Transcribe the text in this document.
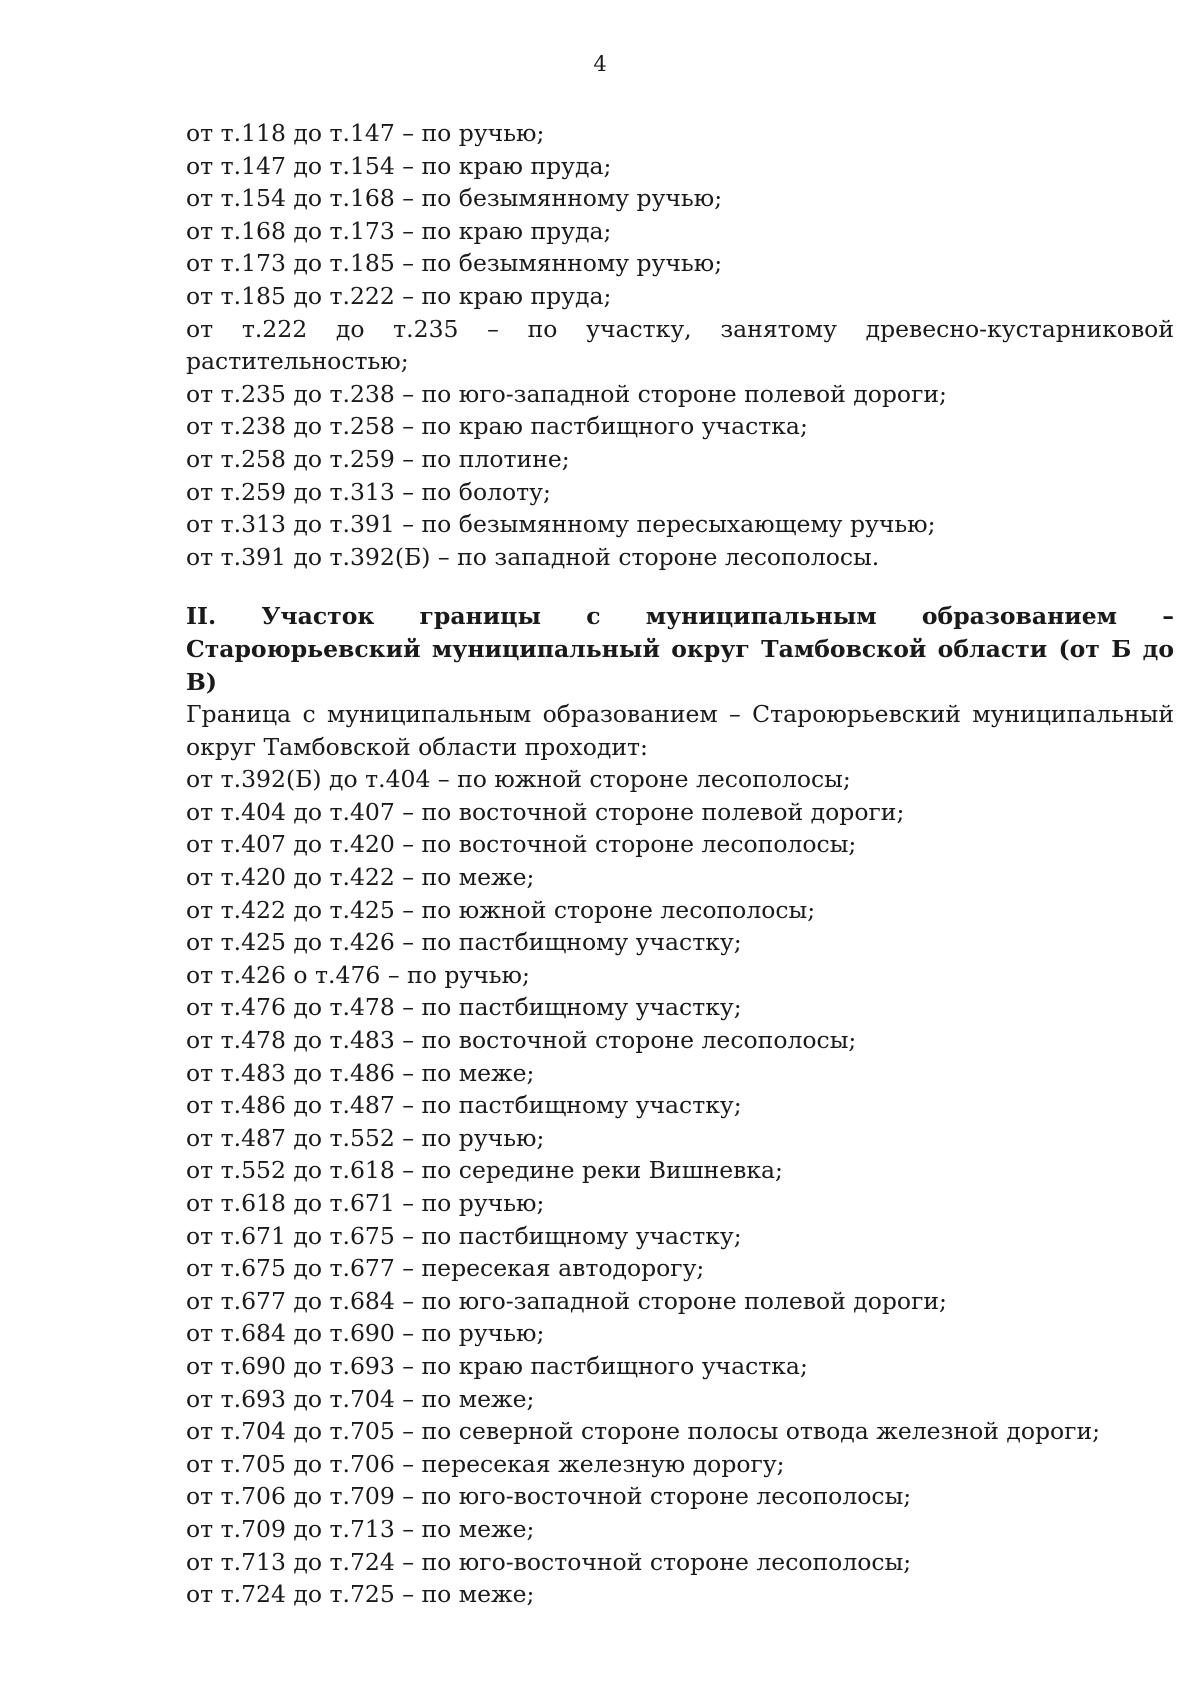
4
от т.118 до т.147 – по ручью;
от т.147 до т.154 – по краю пруда;
от т.154 до т.168 – по безымянному ручью;
от т.168 до т.173 – по краю пруда;
от т.173 до т.185 – по безымянному ручью;
от т.185 до т.222 – по краю пруда;
от т.222 до т.235 – по участку, занятому древесно-кустарниковой растительностью;
от т.235 до т.238 – по юго-западной стороне полевой дороги;
от т.238 до т.258 – по краю пастбищного участка;
от т.258 до т.259 – по плотине;
от т.259 до т.313 – по болоту;
от т.313 до т.391 – по безымянному пересыхающему ручью;
от т.391 до т.392(Б) – по западной стороне лесополосы.
II. Участок границы с муниципальным образованием – Староюрьевский муниципальный округ Тамбовской области (от Б до В)
Граница с муниципальным образованием – Староюрьевский муниципальный округ Тамбовской области проходит:
от т.392(Б) до т.404 – по южной стороне лесополосы;
от т.404 до т.407 – по восточной стороне полевой дороги;
от т.407 до т.420 – по восточной стороне лесополосы;
от т.420 до т.422 – по меже;
от т.422 до т.425 – по южной стороне лесополосы;
от т.425 до т.426 – по пастбищному участку;
от т.426 о т.476 – по ручью;
от т.476 до т.478 – по пастбищному участку;
от т.478 до т.483 – по восточной стороне лесополосы;
от т.483 до т.486 – по меже;
от т.486 до т.487 – по пастбищному участку;
от т.487 до т.552 – по ручью;
от т.552 до т.618 – по середине реки Вишневка;
от т.618 до т.671 – по ручью;
от т.671 до т.675 – по пастбищному участку;
от т.675 до т.677 – пересекая автодорогу;
от т.677 до т.684 – по юго-западной стороне полевой дороги;
от т.684 до т.690 – по ручью;
от т.690 до т.693 – по краю пастбищного участка;
от т.693 до т.704 – по меже;
от т.704 до т.705 – по северной стороне полосы отвода железной дороги;
от т.705 до т.706 – пересекая железную дорогу;
от т.706 до т.709 – по юго-восточной стороне лесополосы;
от т.709 до т.713 – по меже;
от т.713 до т.724 – по юго-восточной стороне лесополосы;
от т.724 до т.725 – по меже;
